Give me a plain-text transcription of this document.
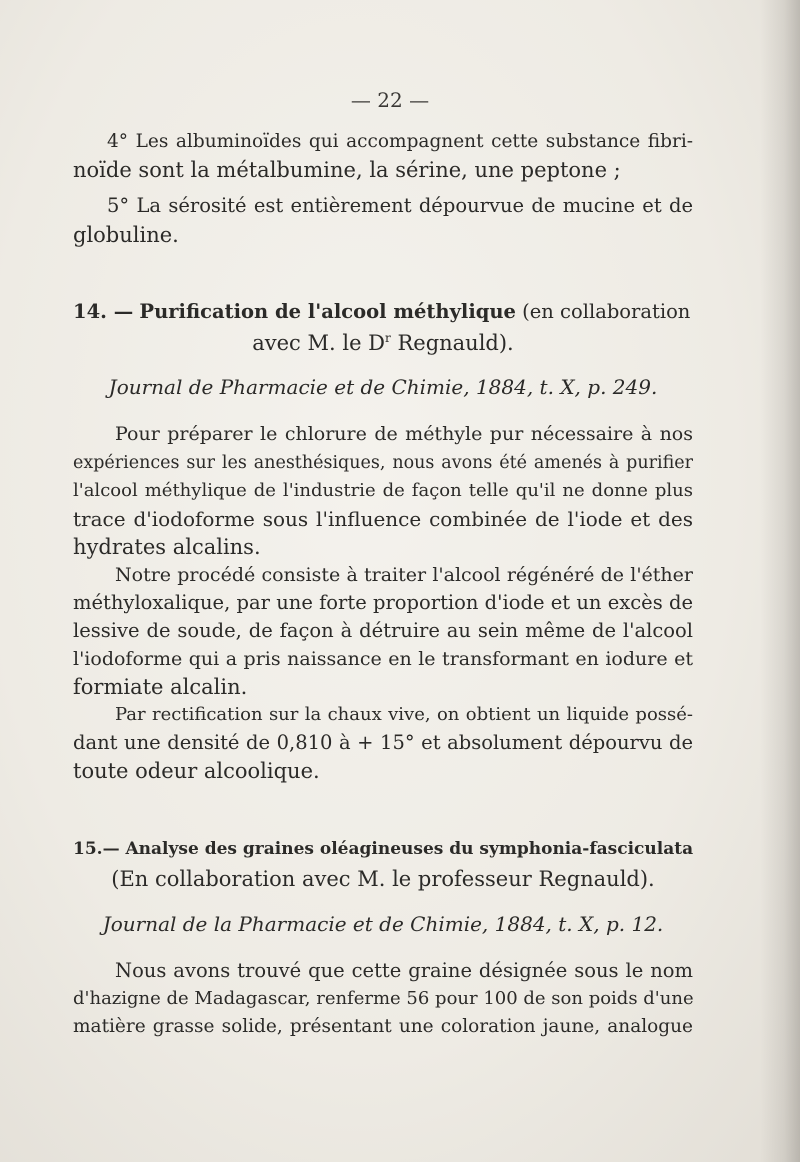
— 22 —
4° Les albuminoïdes qui accompagnent cette substance fibri-
noïde sont la métalbumine, la sérine, une peptone ;
5° La sérosité est entièrement dépourvue de mucine et de
globuline.
14. — Purification de l'alcool méthylique (en collaboration
avec M. le $D^r$ Regnauld).
Journal de Pharmacie et de Chimie, 1884, t. X, p. 249.
Pour préparer le chlorure de méthyle pur nécessaire à nos
expériences sur les anesthésiques, nous avons été amenés à purifier
l'alcool méthylique de l'industrie de façon telle qu'il ne donne plus
trace d'iodoforme sous l'influence combinée de l'iode et des
hydrates alcalins.
Notre procédé consiste à traiter l'alcool régénéré de l'éther
méthyloxalique, par une forte proportion d'iode et un excès de
lessive de soude, de façon à détruire au sein même de l'alcool
l'iodoforme qui a pris naissance en le transformant en iodure et
formiate alcalin.
Par rectification sur la chaux vive, on obtient un liquide possé-
dant une densité de 0,810 à + 15° et absolument dépourvu de
toute odeur alcoolique.
15.— Analyse des graines oléagineuses du symphonia-fasciculata
(En collaboration avec M. le professeur Regnauld).
Journal de la Pharmacie et de Chimie, 1884, t. X, p. 12.
Nous avons trouvé que cette graine désignée sous le nom
d'hazigne de Madagascar, renferme 56 pour 100 de son poids d'une
matière grasse solide, présentant une coloration jaune, analogue
